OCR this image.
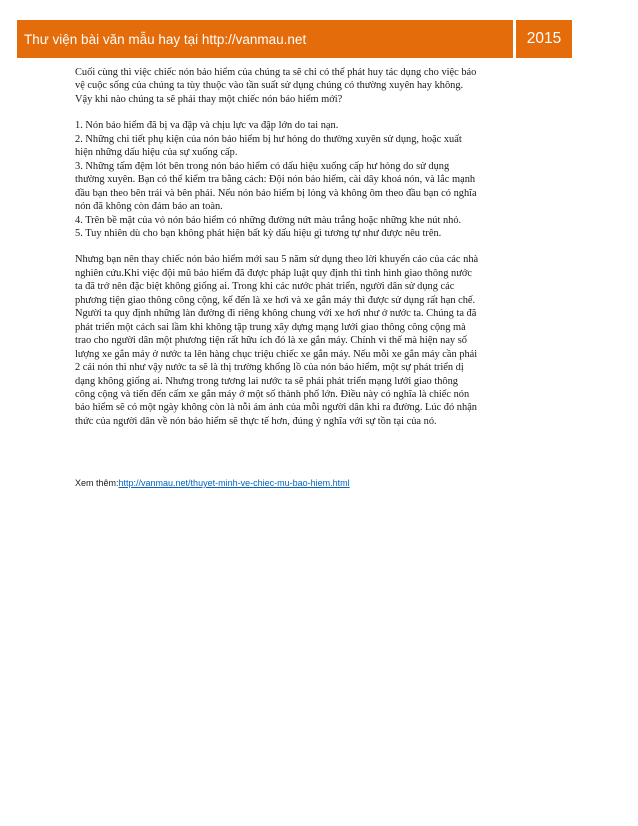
Thư viện bài văn mẫu hay tại http://vanmau.net	2015

Cuối cùng thì việc chiếc nón bảo hiểm của chúng ta sẽ chỉ có thể phát huy tác dụng cho việc bảo

vệ cuộc sống của chúng ta tùy thuộc vào tần suất sử dụng chúng có thường xuyên hay không.

Vậy khi nào chúng ta sẽ phải thay một chiếc nón bảo hiểm mới?

1. Nón bảo hiểm đã bị va đập và chịu lực va đập lớn do tai nạn.

2. Những chi tiết phụ kiện của nón bảo hiểm bị hư hỏng do thường xuyên sử dụng, hoặc xuất

hiện những dấu hiệu của sự xuống cấp.

3. Những tấm đệm lót bên trong nón bảo hiểm có dấu hiệu xuống cấp hư hỏng do sử dụng

thường xuyên. Bạn có thể kiểm tra bằng cách: Đội nón bảo hiểm, cài dây khoá nón, và lắc mạnh

đầu bạn theo bên trái và bên phải. Nếu nón bảo hiểm bị lỏng và không ôm theo đầu bạn có nghĩa

nón đã không còn đảm bảo an toàn.

4. Trên bề mặt của vỏ nón bảo hiểm có những đường nứt màu trắng hoặc những khe nút nhỏ.

5. Tuy nhiên dù cho bạn không phát hiện bất kỳ dấu hiệu gì tương tự như được nêu trên.

Nhưng bạn nên thay chiếc nón bảo hiểm mới sau 5 năm sử dụng theo lời khuyến cáo của các nhà

nghiên cứu.Khi việc đội mũ bảo hiểm đã được pháp luật quy định thì tình hình giao thông nước

ta đã trở nên đặc biệt không giống ai. Trong khi các nước phát triển, người dân sử dụng các

phương tiện giao thông công cộng, kể đến là xe hơi và xe gắn máy thì được sử dụng rất hạn chế.

Người ta quy định những làn đường đi riêng không chung với xe hơi như ở nước ta. Chúng ta đã

phát triển một cách sai lầm khi không tập trung xây dựng mạng lưới giao thông công cộng mà

trao cho người dân một phương tiện rất hữu ích đó là xe gắn máy. Chính vì thế mà hiện nay số

lượng xe gắn máy ở nước ta lên hàng chục triệu chiếc xe gắn máy. Nếu mỗi xe gắn máy cần phải

2 cái nón thì như vậy nước ta sẽ là thị trường khổng lồ của nón bảo hiểm, một sự phát triển dị

dạng không giống ai. Nhưng trong tương lai nước ta sẽ phải phát triển mạng lưới giao thông

công cộng và tiến đến cấm xe gắn máy ở một số thành phố lớn. Điều này có nghĩa là chiếc nón

bảo hiểm sẽ có một ngày không còn là nỗi ám ảnh của mỗi người dân khi ra đường. Lúc đó nhận

thức của người dân về nón bảo hiểm sẽ thực tế hơn, đúng ý nghĩa với sự tồn tại của nó.

Xem thêm:http://vanmau.net/thuyet-minh-ve-chiec-mu-bao-hiem.html
